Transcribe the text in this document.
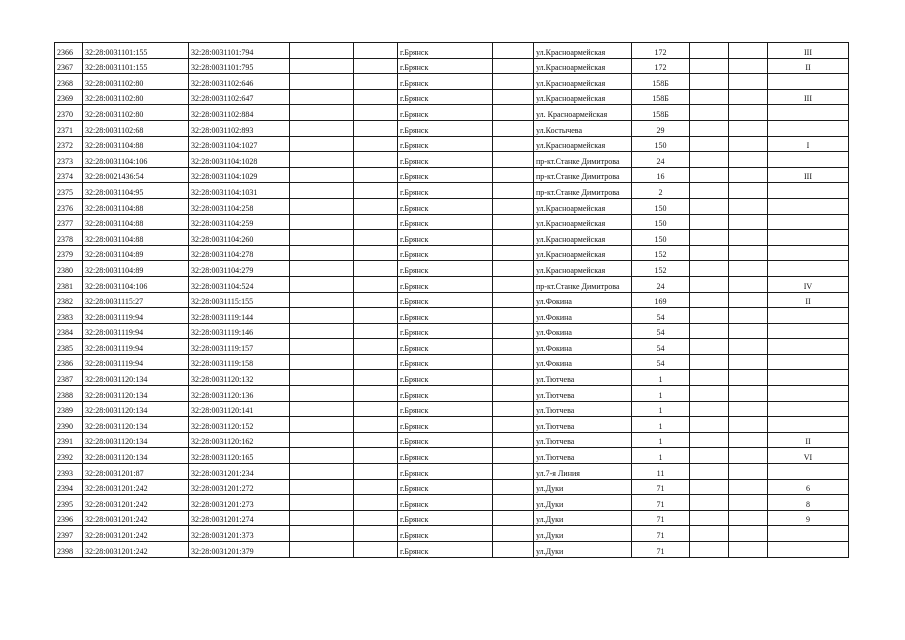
2366	32:28:0031101:155	32:28:0031101:794			г.Брянск		ул.Красноармейская	172			III
2367	32:28:0031101:155	32:28:0031101:795			г.Брянск		ул.Красноармейская	172			II
2368	32:28:0031102:80	32:28:0031102:646			г.Брянск		ул.Красноармейская	158Б			
2369	32:28:0031102:80	32:28:0031102:647			г.Брянск		ул.Красноармейская	158Б			III
2370	32:28:0031102:80	32:28:0031102:884			г.Брянск		ул. Красноармейская	158Б			
2371	32:28:0031102:68	32:28:0031102:893			г.Брянск		ул.Костычева	29			
2372	32:28:0031104:88	32:28:0031104:1027			г.Брянск		ул.Красноармейская	150			I
2373	32:28:0031104:106	32:28:0031104:1028			г.Брянск		пр-кт.Станке Димитрова	24			
2374	32:28:0021436:54	32:28:0031104:1029			г.Брянск		пр-кт.Станке Димитрова	16			III
2375	32:28:0031104:95	32:28:0031104:1031			г.Брянск		пр-кт.Станке Димитрова	2			
2376	32:28:0031104:88	32:28:0031104:258			г.Брянск		ул.Красноармейская	150			
2377	32:28:0031104:88	32:28:0031104:259			г.Брянск		ул.Красноармейская	150			
2378	32:28:0031104:88	32:28:0031104:260			г.Брянск		ул.Красноармейская	150			
2379	32:28:0031104:89	32:28:0031104:278			г.Брянск		ул.Красноармейская	152			
2380	32:28:0031104:89	32:28:0031104:279			г.Брянск		ул.Красноармейская	152			
2381	32:28:0031104:106	32:28:0031104:524			г.Брянск		пр-кт.Станке Димитрова	24			IV
2382	32:28:0031115:27	32:28:0031115:155			г.Брянск		ул.Фокина	169			II
2383	32:28:0031119:94	32:28:0031119:144			г.Брянск		ул.Фокина	54			
2384	32:28:0031119:94	32:28:0031119:146			г.Брянск		ул.Фокина	54			
2385	32:28:0031119:94	32:28:0031119:157			г.Брянск		ул.Фокина	54			
2386	32:28:0031119:94	32:28:0031119:158			г.Брянск		ул.Фокина	54			
2387	32:28:0031120:134	32:28:0031120:132			г.Брянск		ул.Тютчева	1			
2388	32:28:0031120:134	32:28:0031120:136			г.Брянск		ул.Тютчева	1			
2389	32:28:0031120:134	32:28:0031120:141			г.Брянск		ул.Тютчева	1			
2390	32:28:0031120:134	32:28:0031120:152			г.Брянск		ул.Тютчева	1			
2391	32:28:0031120:134	32:28:0031120:162			г.Брянск		ул.Тютчева	1			II
2392	32:28:0031120:134	32:28:0031120:165			г.Брянск		ул.Тютчева	1			VI
2393	32:28:0031201:87	32:28:0031201:234			г.Брянск		ул.7-я Линия	11			
2394	32:28:0031201:242	32:28:0031201:272			г.Брянск		ул.Дуки	71			6
2395	32:28:0031201:242	32:28:0031201:273			г.Брянск		ул.Дуки	71			8
2396	32:28:0031201:242	32:28:0031201:274			г.Брянск		ул.Дуки	71			9
2397	32:28:0031201:242	32:28:0031201:373			г.Брянск		ул.Дуки	71			
2398	32:28:0031201:242	32:28:0031201:379			г.Брянск		ул.Дуки	71			
